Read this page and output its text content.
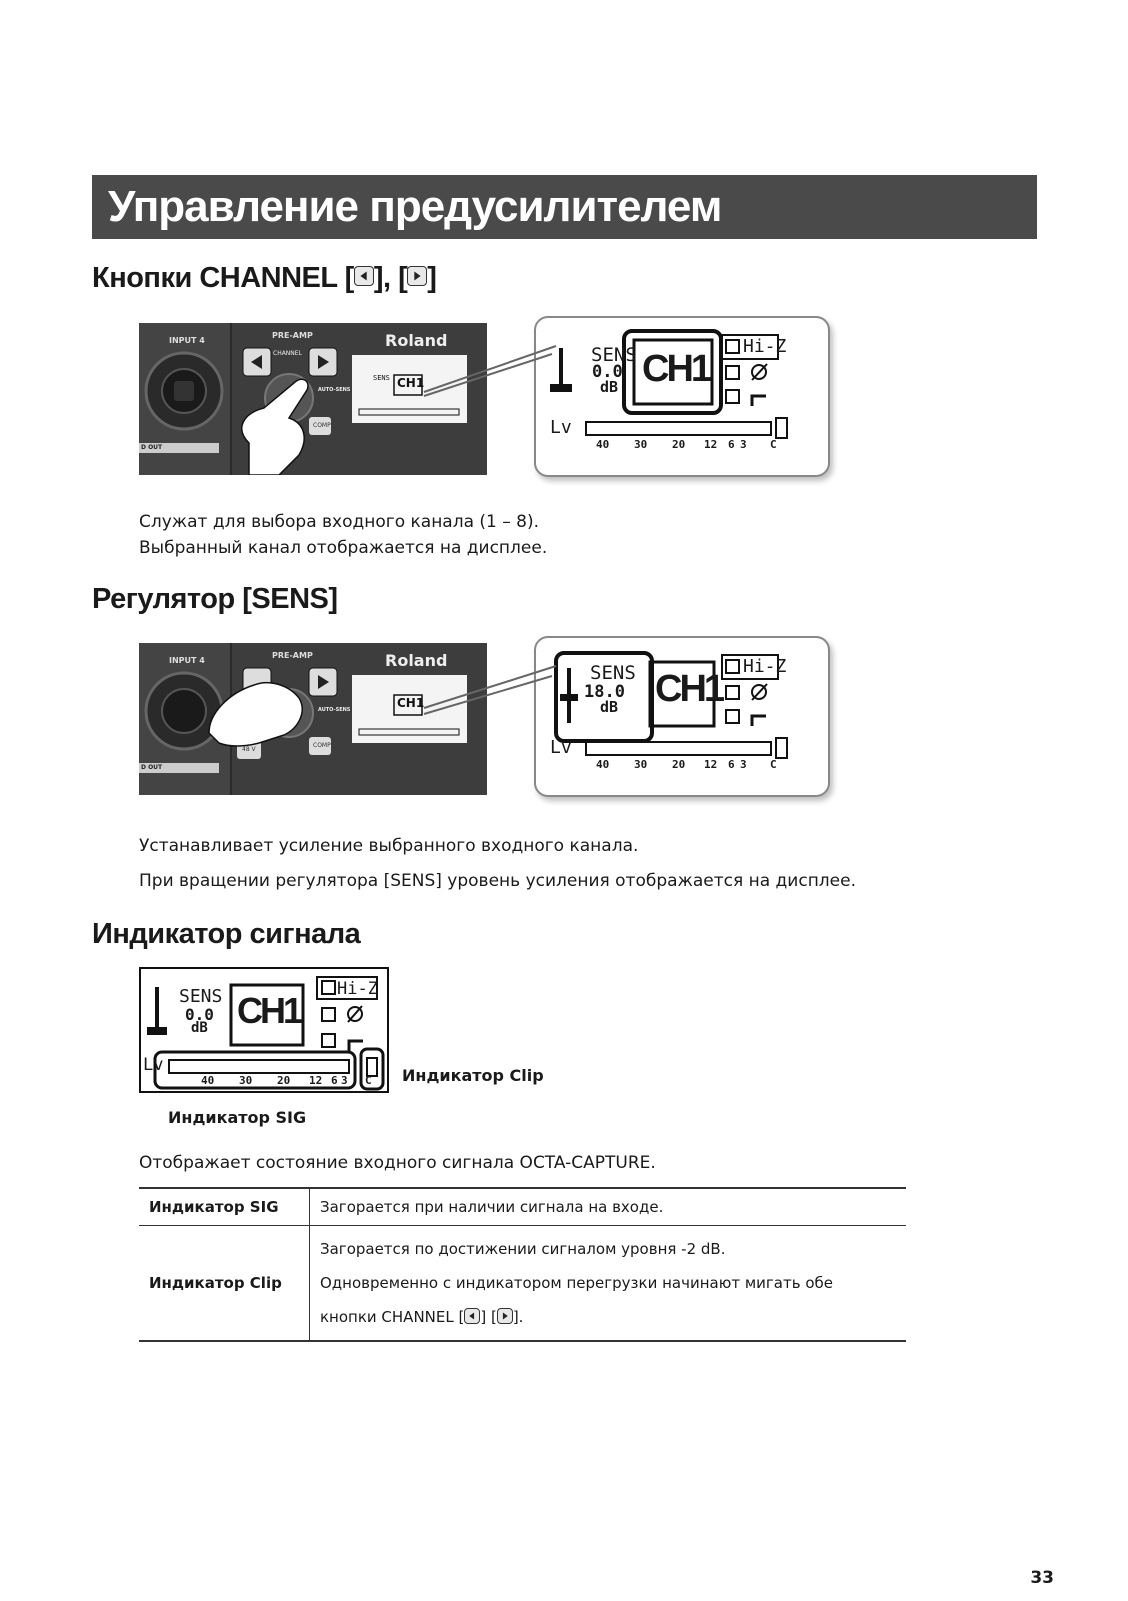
Управление предусилителем
Кнопки CHANNEL [ ], [ ]
INPUT 4
PRE-AMP
CHANNEL
Roland
AUTO-SENS
COMP
SENS CH1
D OUT
SENS
0.0
dB CH1
Hi-Z
Lv
40	30	20	12 6 3	C
Служат для выбора входного канала (1 – 8).
Выбранный канал отображается на дисплее.
Регулятор [SENS]
INPUT 4
PRE-AMP	Roland
AUTO-SENS
48 V
COMP
CH1
D OUT
SENS
18.0
dB CH1
Hi-Z
Lv
40	30	20	12 6 3	C
Устанавливает усиление выбранного входного канала.
При вращении регулятора [SENS] уровень усиления отображается на дисплее.
Индикатор сигнала
SENS
0.0
dB CH1
Hi-Z
Lv
40	30	20	12 6 3	C Индикатор Clip
Индикатор SIG
Отображает состояние входного сигнала OCTA-CAPTURE.
Индикатор SIG	Загорается при наличии сигнала на входе.
Индикатор Clip	Загорается по достижении сигналом уровня -2 dB.
Одновременно с индикатором перегрузки начинают мигать обе
кнопки CHANNEL [ ] [ ].
33
